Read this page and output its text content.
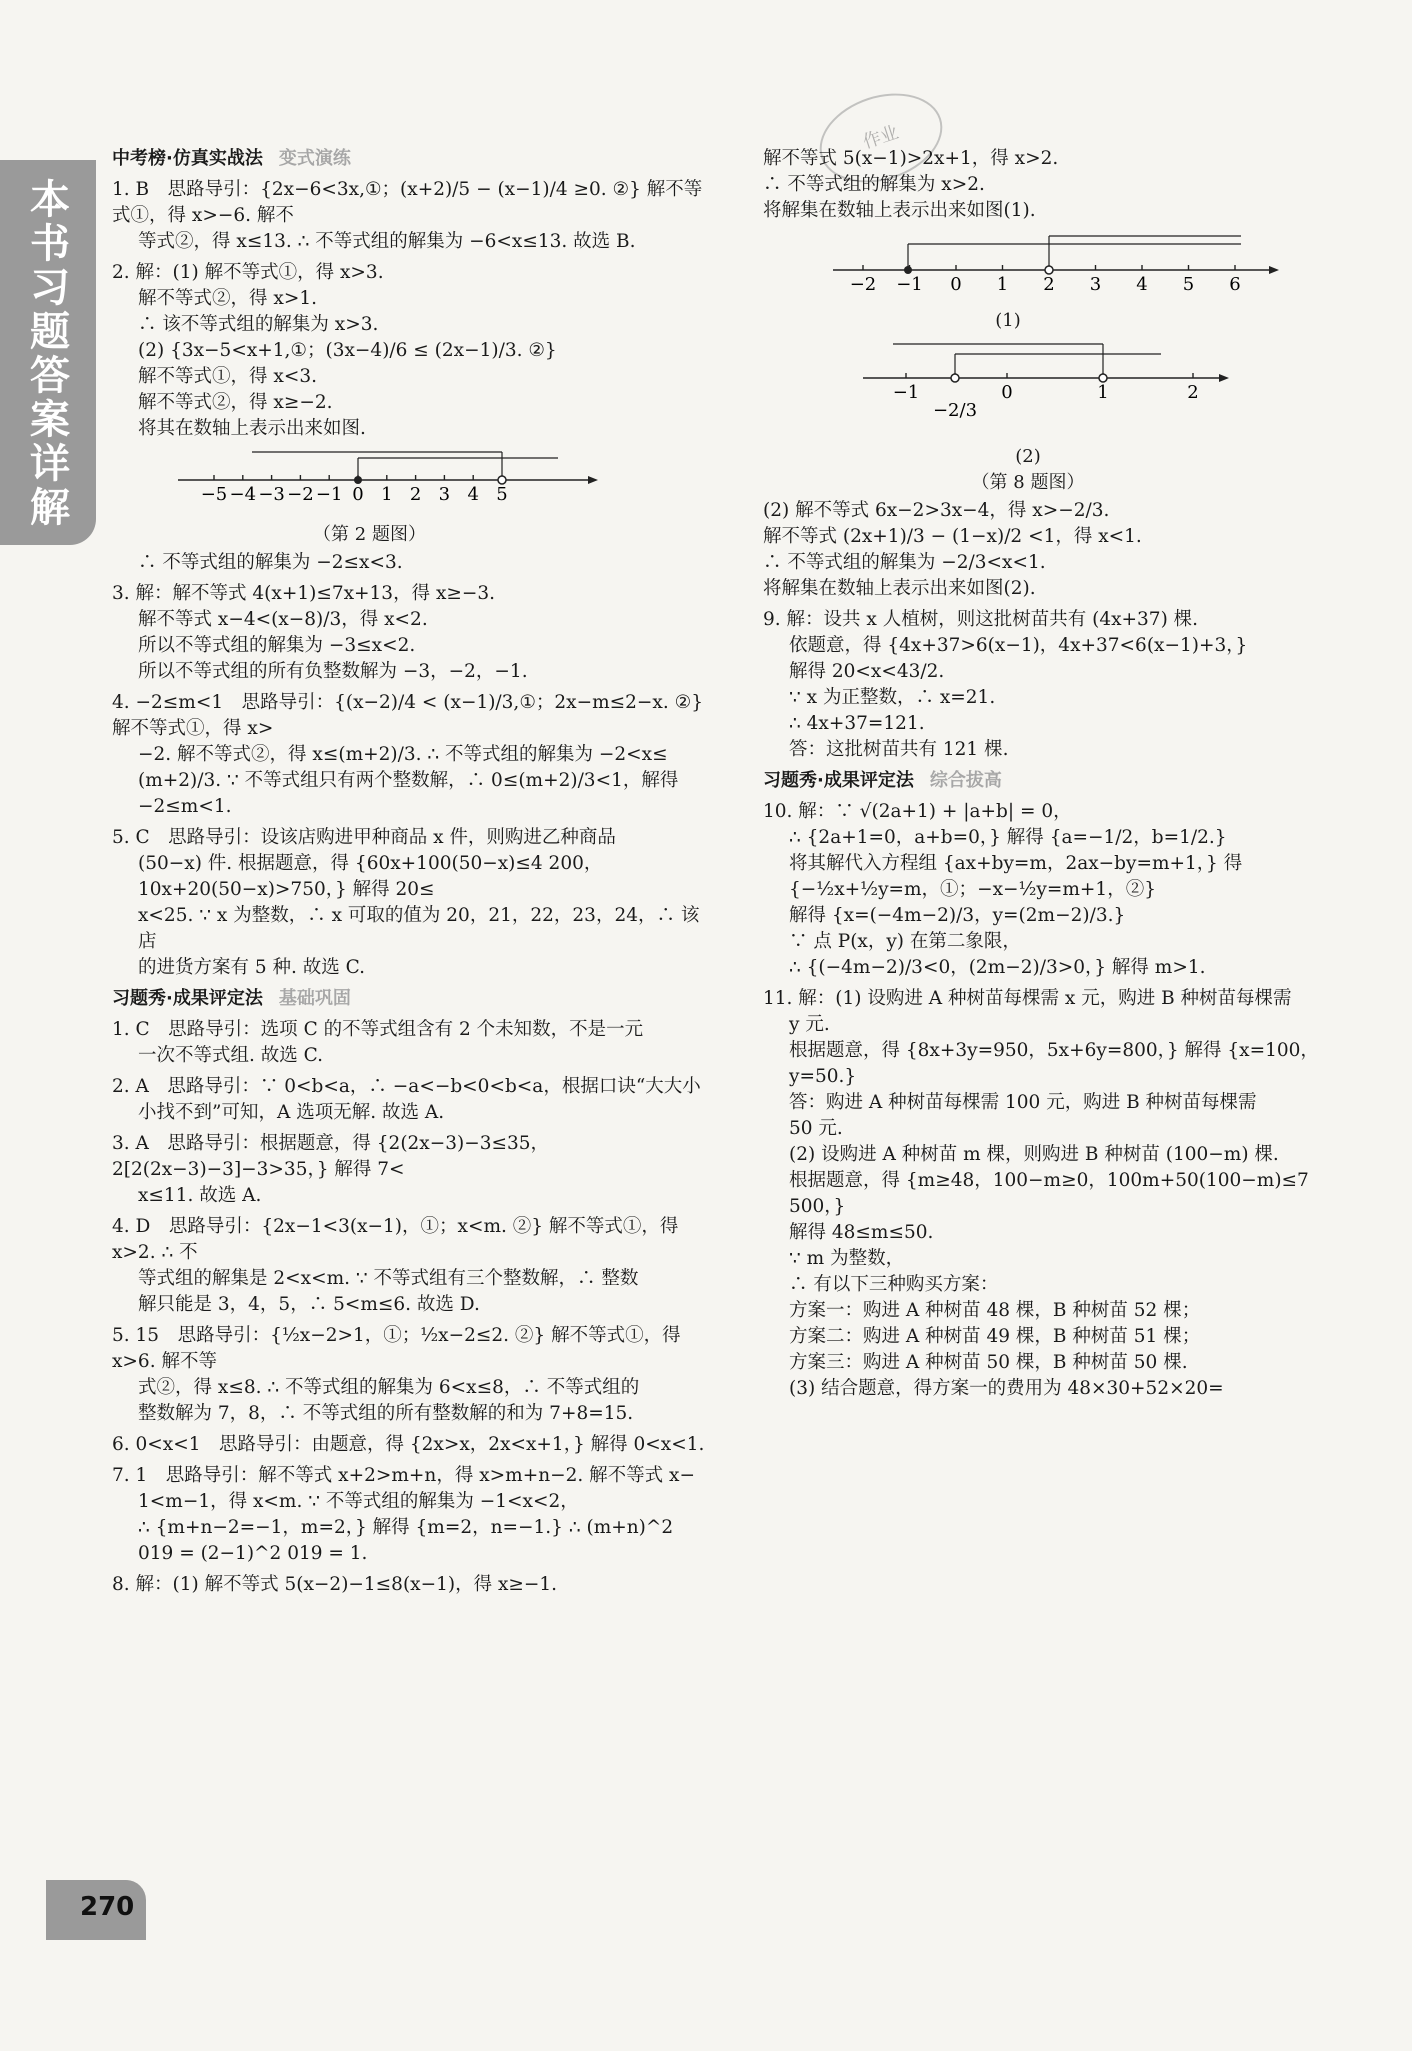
本书习题答案详解
作业

中考榜·仿真实战法 变式演练

1. B　思路导引：{2x−6<3x,①；(x+2)/5 − (x−1)/4 ≥0. ②} 解不等式①，得 x>−6. 解不
等式②，得 x≤13. ∴ 不等式组的解集为 −6<x≤13. 故选 B.

2. 解：(1) 解不等式①，得 x>3.
解不等式②，得 x>1.
∴ 该不等式组的解集为 x>3.
(2) {3x−5<x+1,①；(3x−4)/6 ≤ (2x−1)/3. ②}
解不等式①，得 x<3.
解不等式②，得 x≥−2.
将其在数轴上表示出来如图.

−5 −4 −3 −2 −1 0 1 2 3 4 5
（第 2 题图）

∴ 不等式组的解集为 −2≤x<3.

3. 解：解不等式 4(x+1)≤7x+13，得 x≥−3.
解不等式 x−4<(x−8)/3，得 x<2.
所以不等式组的解集为 −3≤x<2.
所以不等式组的所有负整数解为 −3，−2，−1.

4. −2≤m<1　思路导引：{(x−2)/4 < (x−1)/3,①；2x−m≤2−x. ②} 解不等式①，得 x>
−2. 解不等式②，得 x≤(m+2)/3. ∴ 不等式组的解集为 −2<x≤
(m+2)/3. ∵ 不等式组只有两个整数解，∴ 0≤(m+2)/3<1，解得
−2≤m<1.

5. C　思路导引：设该店购进甲种商品 x 件，则购进乙种商品
(50−x) 件. 根据题意，得 {60x+100(50−x)≤4 200，10x+20(50−x)>750，} 解得 20≤
x<25. ∵ x 为整数，∴ x 可取的值为 20，21，22，23，24，∴ 该店
的进货方案有 5 种. 故选 C.

习题秀·成果评定法 基础巩固

1. C　思路导引：选项 C 的不等式组含有 2 个未知数，不是一元
一次不等式组. 故选 C.

2. A　思路导引：∵ 0<b<a，∴ −a<−b<0<b<a，根据口诀“大大小
小找不到”可知，A 选项无解. 故选 A.

3. A　思路导引：根据题意，得 {2(2x−3)−3≤35，2[2(2x−3)−3]−3>35，} 解得 7<
x≤11. 故选 A.

4. D　思路导引：{2x−1<3(x−1)，①；x<m. ②} 解不等式①，得 x>2. ∴ 不
等式组的解集是 2<x<m. ∵ 不等式组有三个整数解，∴ 整数
解只能是 3，4，5，∴ 5<m≤6. 故选 D.

5. 15　思路导引：{½x−2>1，①；½x−2≤2. ②} 解不等式①，得 x>6. 解不等
式②，得 x≤8. ∴ 不等式组的解集为 6<x≤8，∴ 不等式组的
整数解为 7，8，∴ 不等式组的所有整数解的和为 7+8=15.

6. 0<x<1　思路导引：由题意，得 {2x>x，2x<x+1，} 解得 0<x<1.

7. 1　思路导引：解不等式 x+2>m+n，得 x>m+n−2. 解不等式 x−
1<m−1，得 x<m. ∵ 不等式组的解集为 −1<x<2，
∴ {m+n−2=−1，m=2，} 解得 {m=2，n=−1.} ∴ (m+n)^2 019 = (2−1)^2 019 = 1.

8. 解：(1) 解不等式 5(x−2)−1≤8(x−1)，得 x≥−1.

解不等式 5(x−1)>2x+1，得 x>2.
∴ 不等式组的解集为 x>2.
将解集在数轴上表示出来如图(1).

−2 −1 0 1 2 3 4 5 6
(1)
−1
−2/3
0	1	2
(2)
（第 8 题图）

(2) 解不等式 6x−2>3x−4，得 x>−2/3.
解不等式 (2x+1)/3 − (1−x)/2 <1，得 x<1.
∴ 不等式组的解集为 −2/3<x<1.
将解集在数轴上表示出来如图(2).

9. 解：设共 x 人植树，则这批树苗共有 (4x+37) 棵.
依题意，得 {4x+37>6(x−1)，4x+37<6(x−1)+3，}
解得 20<x<43/2.
∵ x 为正整数，∴ x=21.
∴ 4x+37=121.
答：这批树苗共有 121 棵.

习题秀·成果评定法 综合拔高

10. 解：∵ √(2a+1) + |a+b| = 0，
∴ {2a+1=0，a+b=0，} 解得 {a=−1/2，b=1/2.}
将其解代入方程组 {ax+by=m，2ax−by=m+1，} 得 {−½x+½y=m，①；−x−½y=m+1，②}
解得 {x=(−4m−2)/3，y=(2m−2)/3.}
∵ 点 P(x，y) 在第二象限，
∴ {(−4m−2)/3<0，(2m−2)/3>0，} 解得 m>1.

11. 解：(1) 设购进 A 种树苗每棵需 x 元，购进 B 种树苗每棵需
y 元.
根据题意，得 {8x+3y=950，5x+6y=800，} 解得 {x=100，y=50.}
答：购进 A 种树苗每棵需 100 元，购进 B 种树苗每棵需
50 元.
(2) 设购进 A 种树苗 m 棵，则购进 B 种树苗 (100−m) 棵.
根据题意，得 {m≥48，100−m≥0，100m+50(100−m)≤7 500，}
解得 48≤m≤50.
∵ m 为整数，
∴ 有以下三种购买方案：
方案一：购进 A 种树苗 48 棵，B 种树苗 52 棵；
方案二：购进 A 种树苗 49 棵，B 种树苗 51 棵；
方案三：购进 A 种树苗 50 棵，B 种树苗 50 棵.
(3) 结合题意，得方案一的费用为 48×30+52×20=

270
